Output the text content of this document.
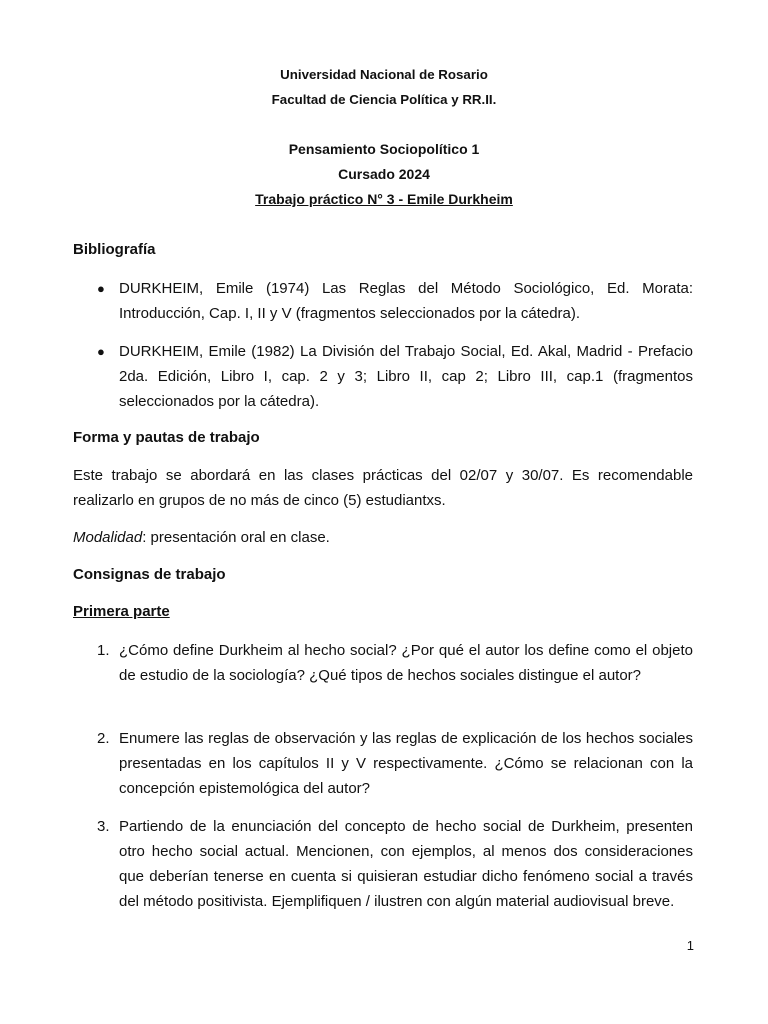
Universidad Nacional de Rosario
Facultad de Ciencia Política y RR.II.
Pensamiento Sociopolítico 1
Cursado 2024
Trabajo práctico N° 3 - Emile Durkheim
Bibliografía
● DURKHEIM, Emile (1974) Las Reglas del Método Sociológico, Ed. Morata: Introducción, Cap. I, II y V (fragmentos seleccionados por la cátedra).
● DURKHEIM, Emile (1982) La División del Trabajo Social, Ed. Akal, Madrid - Prefacio 2da. Edición, Libro I, cap. 2 y 3; Libro II, cap 2; Libro III, cap.1 (fragmentos seleccionados por la cátedra).
Forma y pautas de trabajo
Este trabajo se abordará en las clases prácticas del 02/07 y 30/07. Es recomendable realizarlo en grupos de no más de cinco (5) estudiantxs.
Modalidad: presentación oral en clase.
Consignas de trabajo
Primera parte
1. ¿Cómo define Durkheim al hecho social? ¿Por qué el autor los define como el objeto de estudio de la sociología? ¿Qué tipos de hechos sociales distingue el autor?
2. Enumere las reglas de observación y las reglas de explicación de los hechos sociales presentadas en los capítulos II y V respectivamente. ¿Cómo se relacionan con la concepción epistemológica del autor?
3. Partiendo de la enunciación del concepto de hecho social de Durkheim, presenten otro hecho social actual. Mencionen, con ejemplos, al menos dos consideraciones que deberían tenerse en cuenta si quisieran estudiar dicho fenómeno social a través del método positivista. Ejemplifiquen / ilustren con algún material audiovisual breve.
1
